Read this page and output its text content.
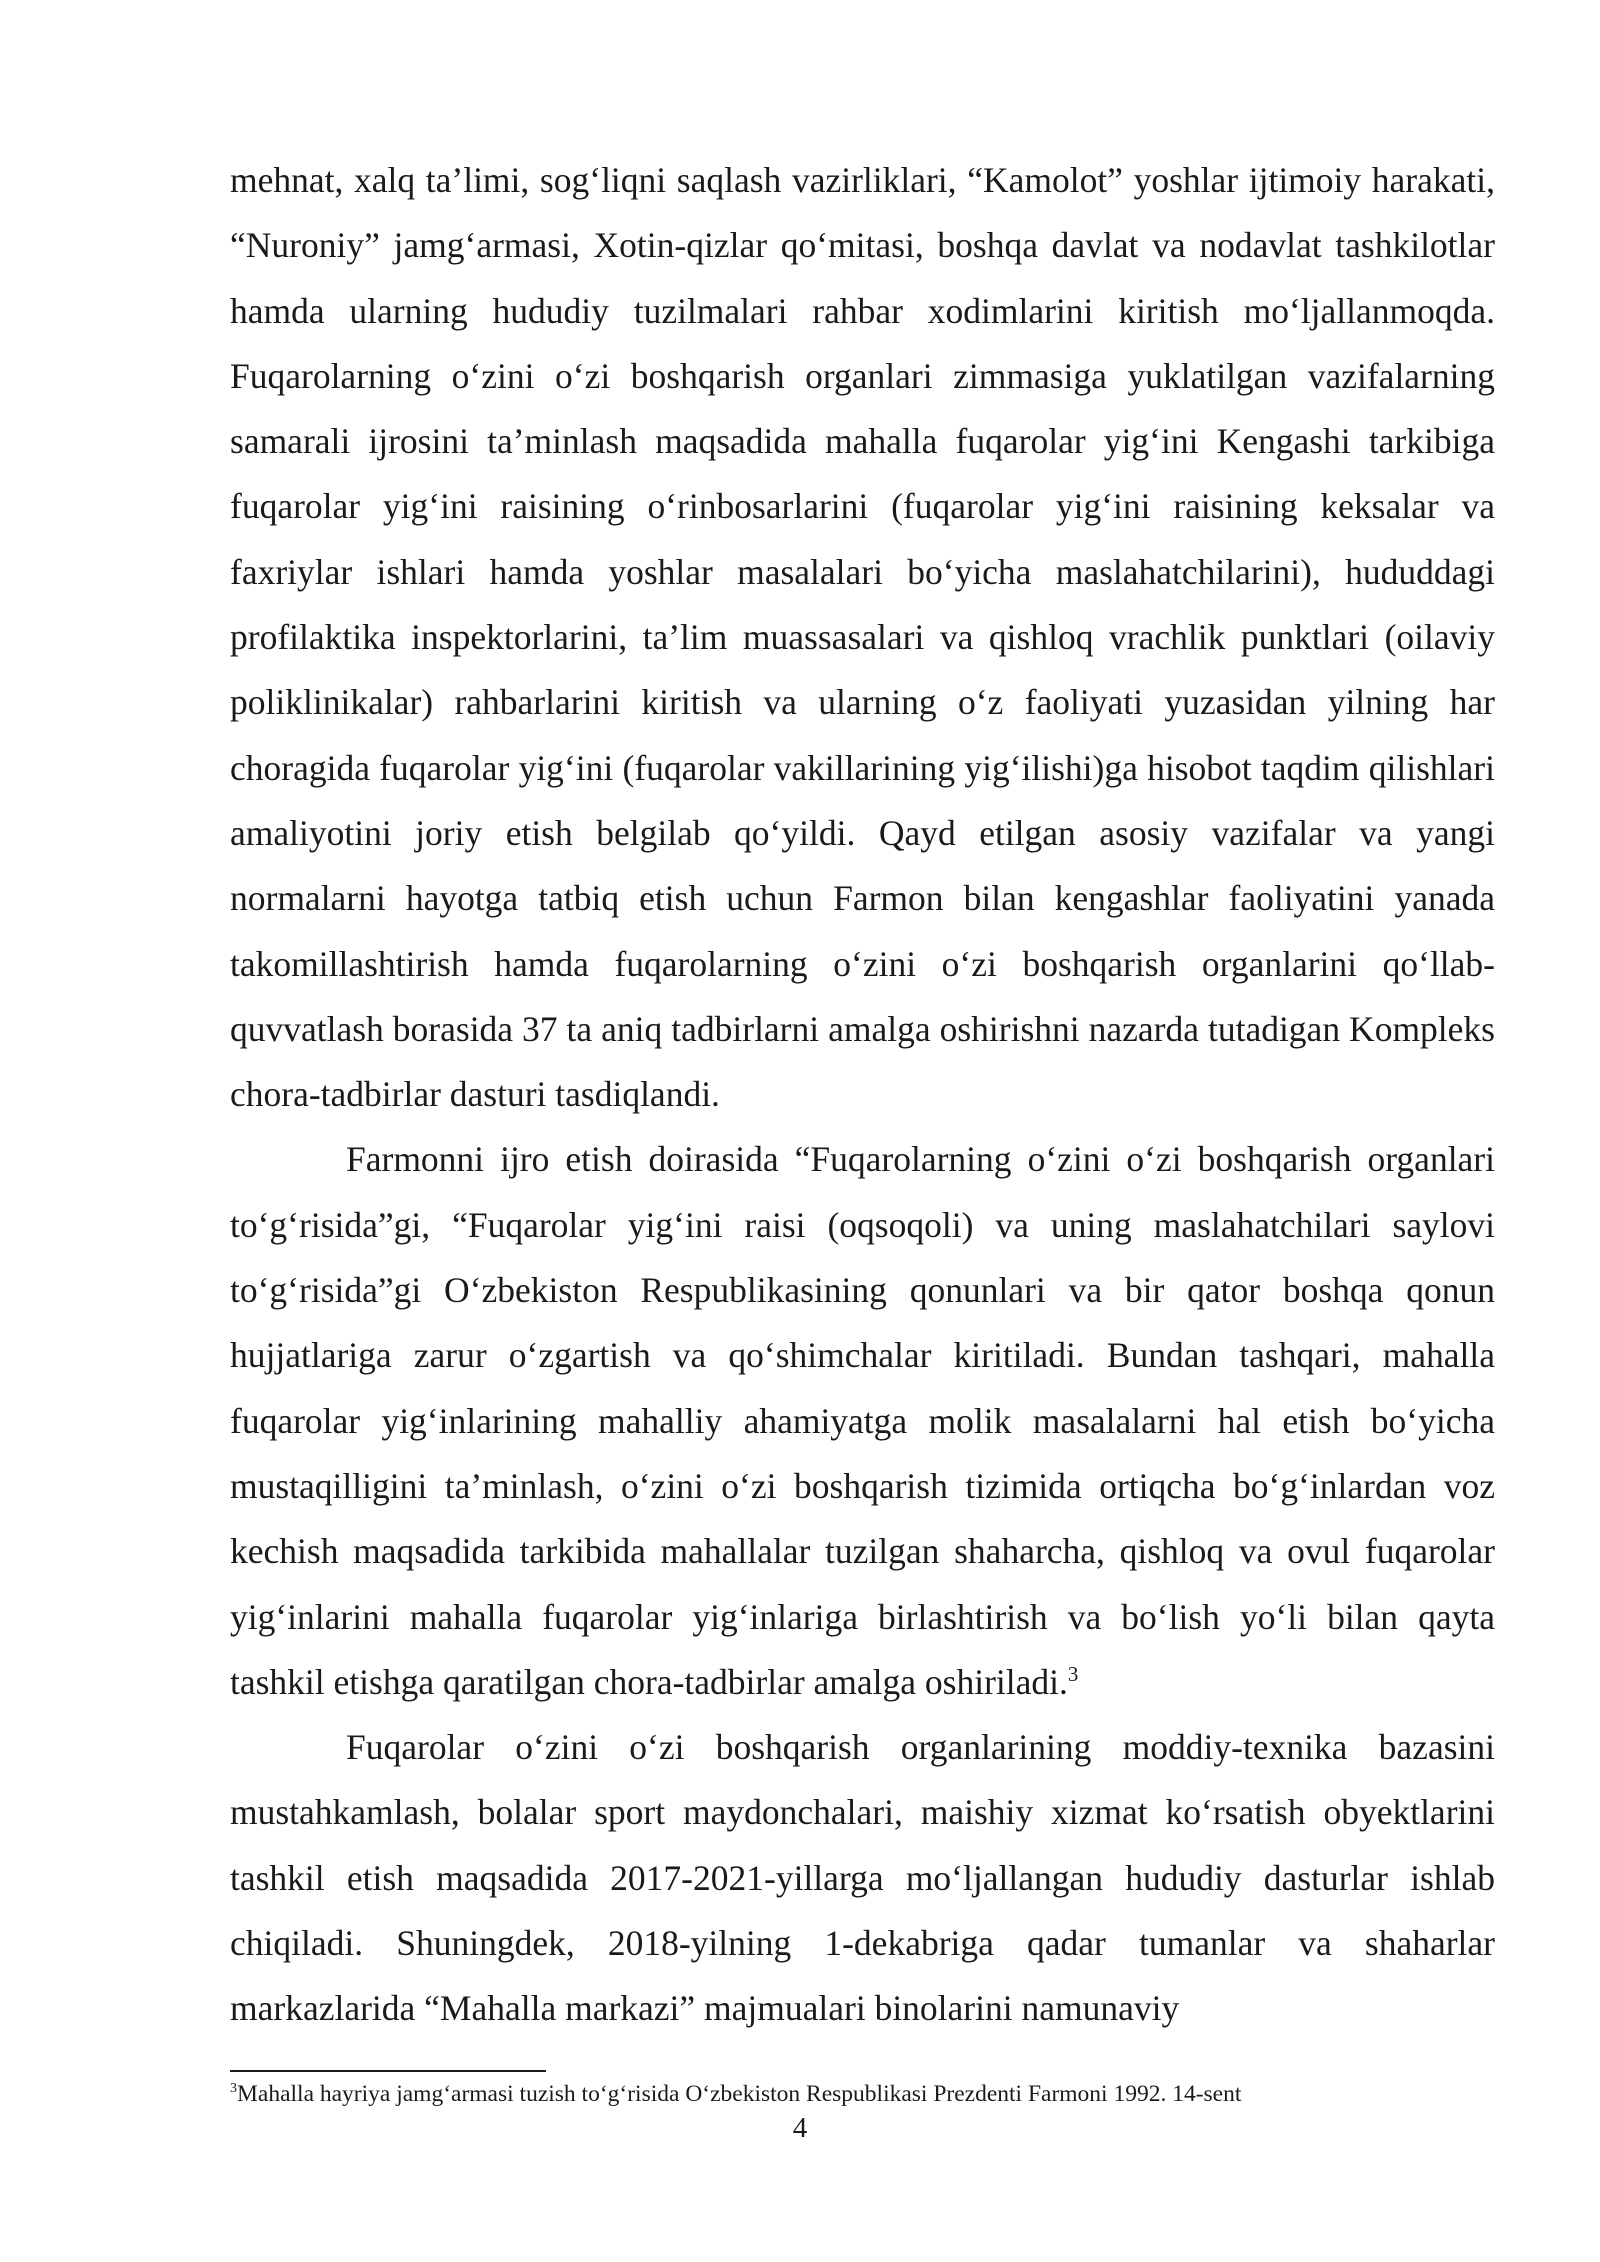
mehnat, xalq ta’limi, sog‘liqni saqlash vazirliklari, “Kamolot” yoshlar ijtimoiy harakati, “Nuroniy” jamg‘armasi, Xotin-qizlar qo‘mitasi, boshqa davlat va nodavlat tashkilotlar hamda ularning hududiy tuzilmalari rahbar xodimlarini kiritish mo‘ljallanmoqda. Fuqarolarning o‘zini o‘zi boshqarish organlari zimmasiga yuklatilgan vazifalarning samarali ijrosini ta’minlash maqsadida mahalla fuqarolar yig‘ini Kengashi tarkibiga fuqarolar yig‘ini raisining o‘rinbosarlarini (fuqarolar yig‘ini raisining keksalar va faxriylar ishlari hamda yoshlar masalalari bo‘yicha maslahatchilarini), hududdagi profilaktika inspektorlarini, ta’lim muassasalari va qishloq vrachlik punktlari (oilaviy poliklinikalar) rahbarlarini kiritish va ularning o‘z faoliyati yuzasidan yilning har choragida fuqarolar yig‘ini (fuqarolar vakillarining yig‘ilishi)ga hisobot taqdim qilishlari amaliyotini joriy etish belgilab qo‘yildi. Qayd etilgan asosiy vazifalar va yangi normalarni hayotga tatbiq etish uchun Farmon bilan kengashlar faoliyatini yanada takomillashtirish hamda fuqarolarning o‘zini o‘zi boshqarish organlarini qo‘llab-quvvatlash borasida 37 ta aniq tadbirlarni amalga oshirishni nazarda tutadigan Kompleks chora-tadbirlar dasturi tasdiqlandi.

Farmonni ijro etish doirasida “Fuqarolarning o‘zini o‘zi boshqarish organlari to‘g‘risida”gi, “Fuqarolar yig‘ini raisi (oqsoqoli) va uning maslahatchilari saylovi to‘g‘risida”gi O‘zbekiston Respublikasining qonunlari va bir qator boshqa qonun hujjatlariga zarur o‘zgartish va qo‘shimchalar kiritiladi. Bundan tashqari, mahalla fuqarolar yig‘inlarining mahalliy ahamiyatga molik masalalarni hal etish bo‘yicha mustaqilligini ta’minlash, o‘zini o‘zi boshqarish tizimida ortiqcha bo‘g‘inlardan voz kechish maqsadida tarkibida mahallalar tuzilgan shaharcha, qishloq va ovul fuqarolar yig‘inlarini mahalla fuqarolar yig‘inlariga birlashtirish va bo‘lish yo‘li bilan qayta tashkil etishga qaratilgan chora-tadbirlar amalga oshiriladi.$^3$

Fuqarolar o‘zini o‘zi boshqarish organlarining moddiy-texnika bazasini mustahkamlash, bolalar sport maydonchalari, maishiy xizmat ko‘rsatish obyektlarini tashkil etish maqsadida 2017-2021-yillarga mo‘ljallangan hududiy dasturlar ishlab chiqiladi. Shuningdek, 2018-yilning 1-dekabriga qadar tumanlar va shaharlar markazlarida “Mahalla markazi” majmualari binolarini namunaviy

$^3$Mahalla hayriya jamg‘armasi tuzish to‘g‘risida O‘zbekiston Respublikasi Prezdenti Farmoni 1992. 14-sent

4
